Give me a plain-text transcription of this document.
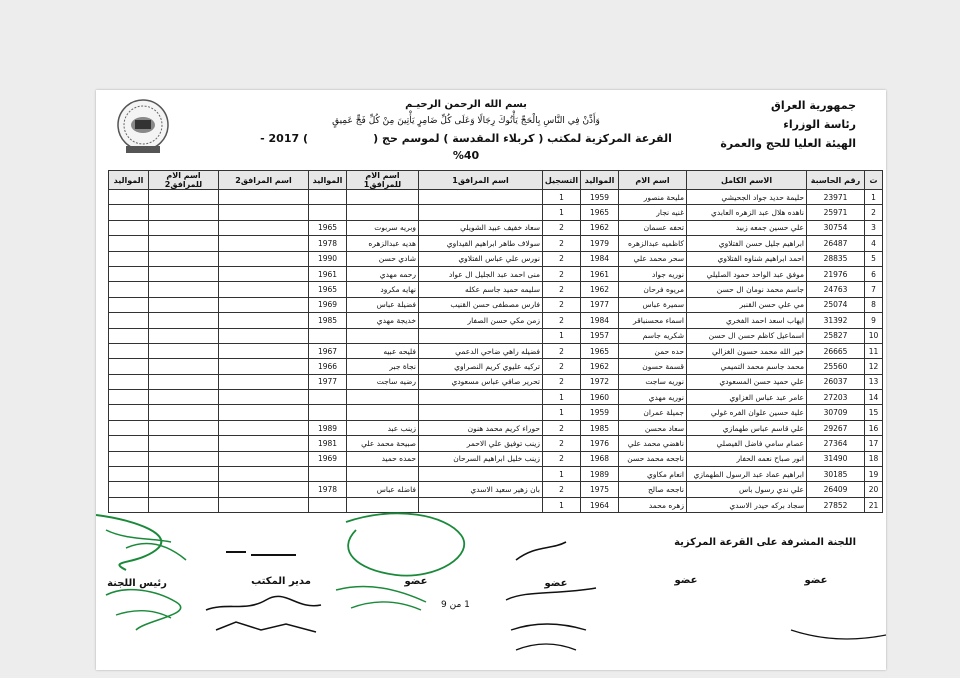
بسم الله الرحمن الرحيـم
وَأَذِّنْ فِي النَّاسِ بِالْحَجِّ يَأْتُوكَ رِجَالًا وَعَلَى كُلِّ ضَامِرٍ يَأْتِينَ مِنْ كُلِّ فَجٍّ عَمِيقٍ
القرعة المركزية لمكتب ( كربلاء المقدسة ) لموسم حج (                 ) 2017 - 40%
جمهورية العراق
رئاسة الوزراء
الهيئة العليا للحج والعمرة
ت	رقم الحاسبة	الاسم الكامل	اسم الام	المواليد	التسجيل	اسم المرافق1	اسم الام للمرافق1	المواليد	اسم المرافق2	اسم الام للمرافق2	المواليد
1	23971	حليمة حديد جواد الجحيشي	مليحة منصور	1959	1						
2	25971	ناهده هلال عبد الزهره العابدي	غنيه نجار	1965	1						
3	30754	علي حسين جمعه زبيد	تحفه عسمان	1962	2	سعاد خفيف عبيد الشويلي	وبريه سربوت	1965			
4	26487	ابراهيم جليل حسن الفتلاوي	كاظميه عبدالزهره	1979	2	سولاف طاهر ابراهيم القيداوي	هديه عبدالزهره	1978			
5	28835	احمد ابراهيم شناوه الفتلاوي	سحر محمد علي	1984	2	نورس علي عباس الفتلاوي	شادي حسن	1990			
6	21976	موفق عبد الواحد حمود الصليلي	نوريه جواد	1961	2	منى احمد عبد الجليل ال عواد	رحمه مهدي	1961			
7	24763	جاسم محمد نومان ال حسن	مريوه فرحان	1962	2	سليمه حميد جاسم عكله	نهايه مكرود	1965			
8	25074	مي علي حسن القنبر	سميرة عباس	1977	2	فارس مصطفى حسن القنيب	فضيلة عباس	1969			
9	31392	ايهاب اسعد احمد الفخري	اسماء محسنباقر	1984	2	زمن مكي حسن الصفار	خديجة مهدي	1985			
10	25827	اسماعيل كاظم حسن ال حسن	شكريه جاسم	1957	1						
11	26665	خير الله محمد حسون الغزالي	حده حمن	1965	2	فضيله راهي ضاحي الدعمي	فليحه عبيه	1967			
12	25560	محمد جاسم محمد التميمي	قسمة حسون	1962	2	تركيه عليوي كريم النصراوي	نجاة جبر	1966			
13	26037	علي حميد حسن المسعودي	نوريه ساجت	1972	2	تحرير صافي عباس مسعودي	رضيه ساجت	1977			
14	27203	عامر عبد عباس الغزاوي	نوريه مهدي	1960	1						
15	30709	علية حسين علوان الفره غولي	جميلة عمران	1959	1						
16	29267	علي قاسم عباس طهمازي	سعاد محسن	1985	2	حوراء كريم محمد هنون	زينب عبد	1989			
17	27364	عصام سامي فاضل الفيصلي	ناهضي محمد علي	1976	2	زينب توفيق علي الاحمر	صبيحة محمد علي	1981			
18	31490	انور صباح نعمه الحفار	ناجحه محمد حسن	1968	2	زينب خليل ابراهيم السرحان	حمده حميد	1969			
19	30185	ابراهيم عماد عبد الرسول الطهمازي	انعام مكاوي	1989	1						
20	26409	علي ندي رسول باس	ناجحه صالح	1975	2	بان زهير سعيد الاسدي	فاضله عباس	1978			
21	27852	سجاد بركه حيدر الاسدي	زهره محمد	1964	1						
اللجنة المشرفة على القرعة المركزية
عضو
عضو
عضو
عضو
مدير المكتب
رئيس اللجنة
1 من 9
